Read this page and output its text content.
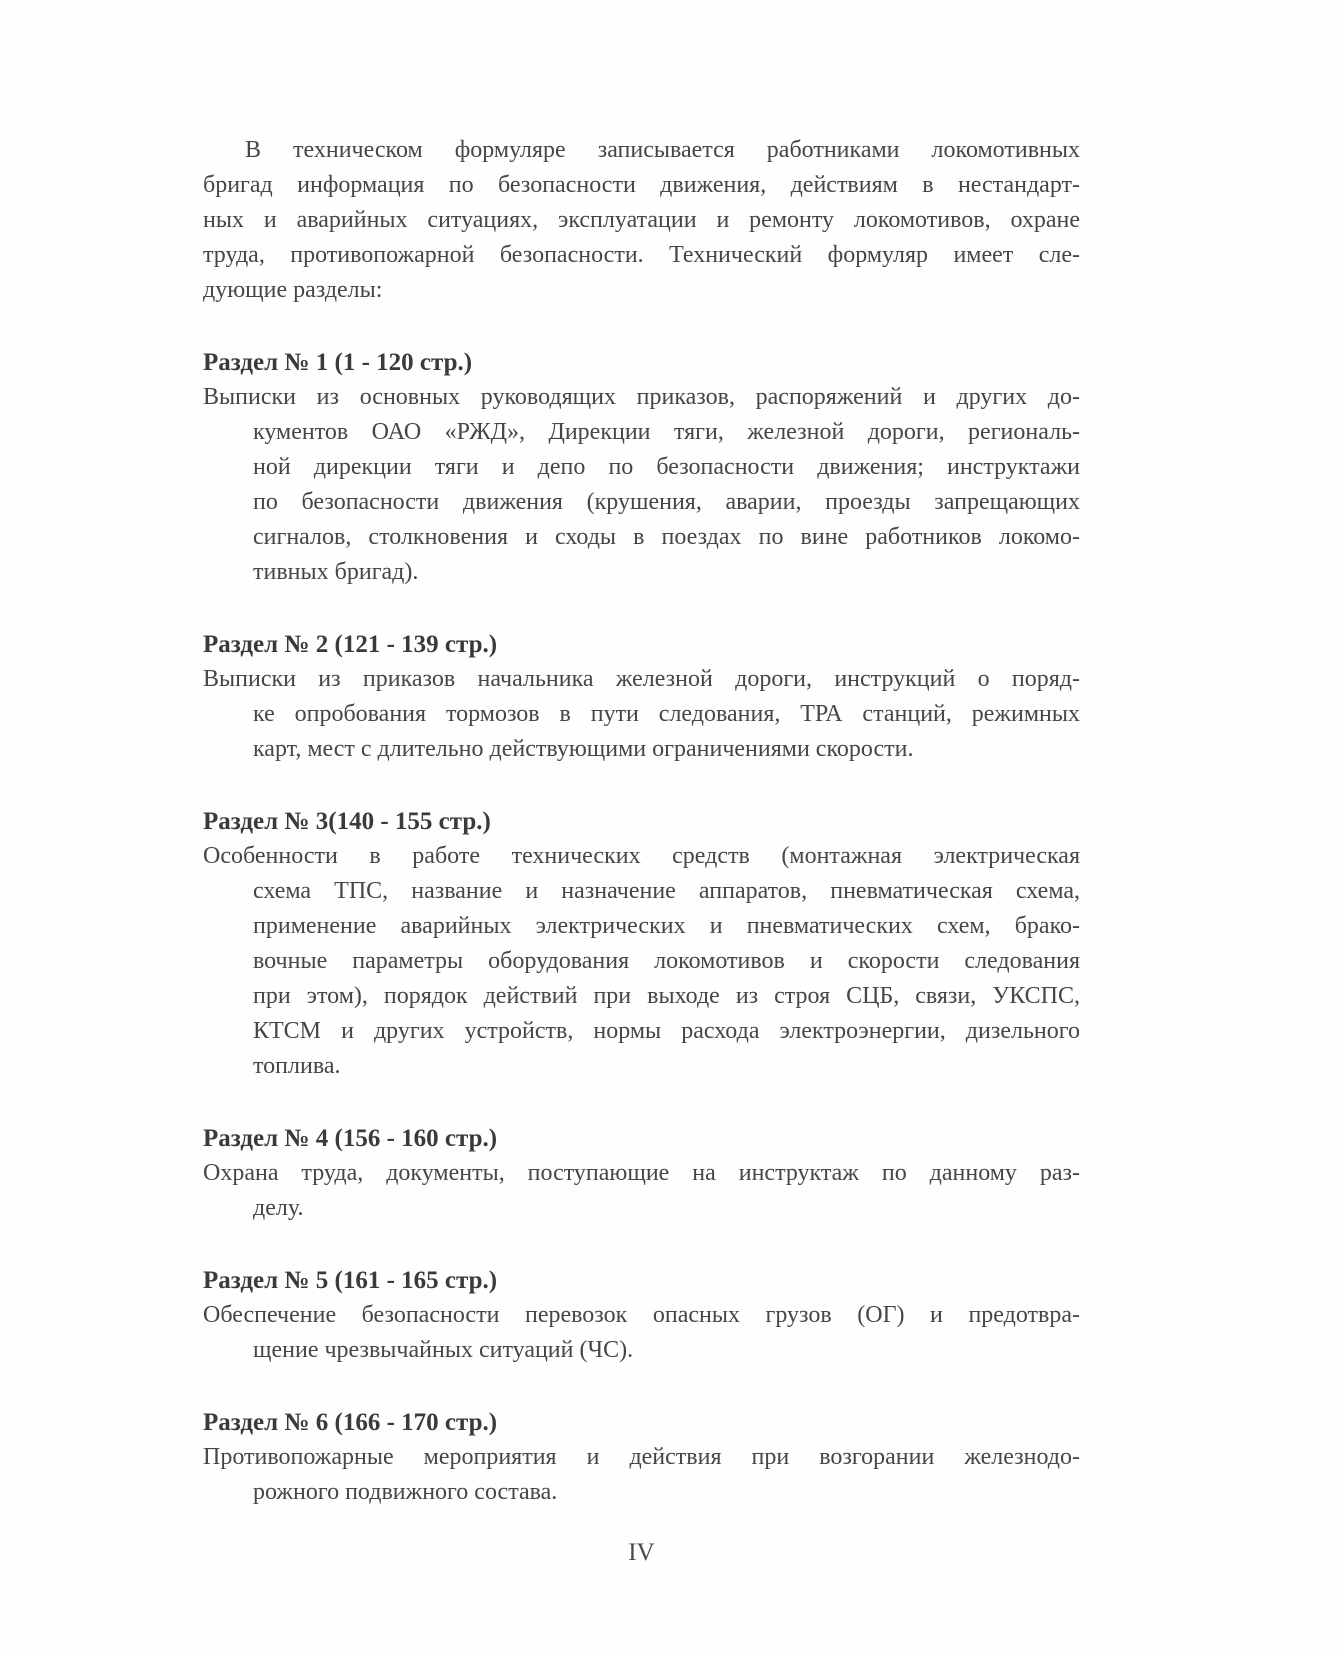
В техническом формуляре записывается работниками локомотивных
бригад информация по безопасности движения, действиям в нестандарт-
ных и аварийных ситуациях, эксплуатации и ремонту локомотивов, охране
труда, противопожарной безопасности. Технический формуляр имеет сле-
дующие разделы:
Раздел № 1 (1 - 120 стр.)
Выписки из основных руководящих приказов, распоряжений и других до-
кументов ОАО «РЖД», Дирекции тяги, железной дороги, региональ-
ной дирекции тяги и депо по безопасности движения; инструктажи
по безопасности движения (крушения, аварии, проезды запрещающих
сигналов, столкновения и сходы в поездах по вине работников локомо-
тивных бригад).
Раздел № 2 (121 - 139 стр.)
Выписки из приказов начальника железной дороги, инструкций о поряд-
ке опробования тормозов в пути следования, ТРА станций, режимных
карт, мест с длительно действующими ограничениями скорости.
Раздел № 3(140 - 155 стр.)
Особенности в работе технических средств (монтажная электрическая
схема ТПС, название и назначение аппаратов, пневматическая схема,
применение аварийных электрических и пневматических схем, брако-
вочные параметры оборудования локомотивов и скорости следования
при этом), порядок действий при выходе из строя СЦБ, связи, УКСПС,
КТСМ и других устройств, нормы расхода электроэнергии, дизельного
топлива.
Раздел № 4 (156 - 160 стр.)
Охрана труда, документы, поступающие на инструктаж по данному раз-
делу.
Раздел № 5 (161 - 165 стр.)
Обеспечение безопасности перевозок опасных грузов (ОГ) и предотвра-
щение чрезвычайных ситуаций (ЧС).
Раздел № 6 (166 - 170 стр.)
Противопожарные мероприятия и действия при возгорании железнодо-
рожного подвижного состава.
IV
